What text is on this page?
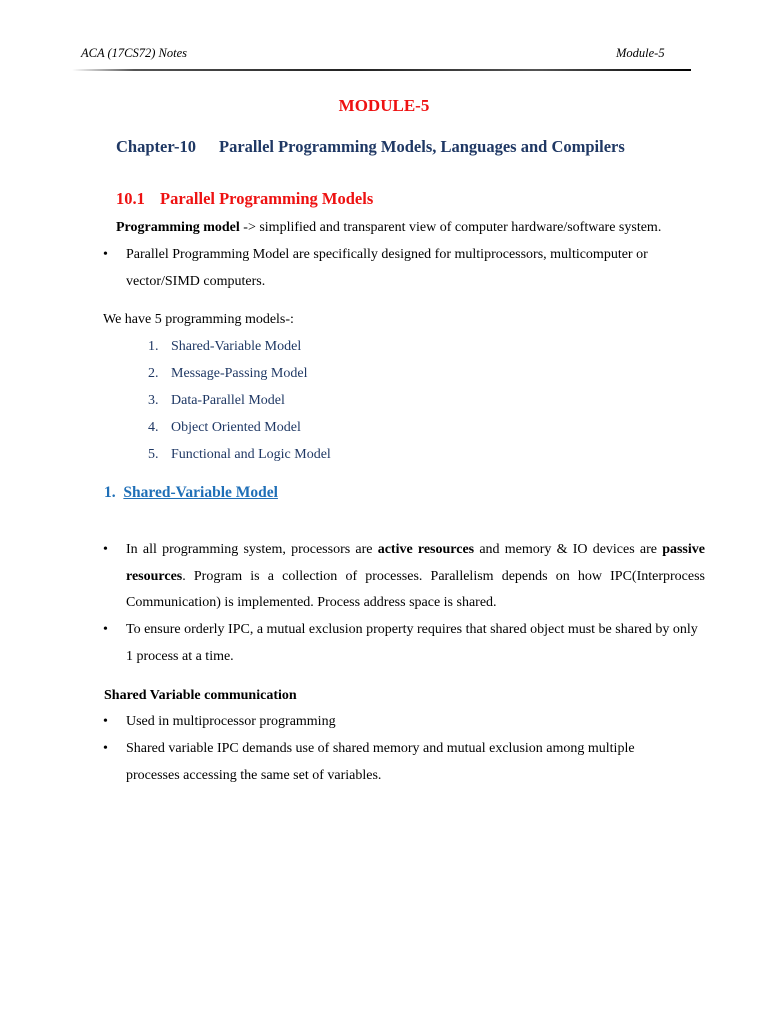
ACA (17CS72) Notes	Module-5
MODULE-5
Chapter-10 Parallel Programming Models, Languages and Compilers
10.1 Parallel Programming Models
Programming model -> simplified and transparent view of computer hardware/software system.
• Parallel Programming Model are specifically designed for multiprocessors, multicomputer or
vector/SIMD computers.
We have 5 programming models-:
1. Shared-Variable Model
2. Message-Passing Model
3. Data-Parallel Model
4. Object Oriented Model
5. Functional and Logic Model
1. Shared-Variable Model
• In all programming system, processors are active resources and memory & IO devices are passive resources. Program is a collection of processes. Parallelism depends on how IPC(Interprocess Communication) is implemented. Process address space is shared.
• To ensure orderly IPC, a mutual exclusion property requires that shared object must be shared by only 1 process at a time.
Shared Variable communication
• Used in multiprocessor programming
• Shared variable IPC demands use of shared memory and mutual exclusion among multiple
processes accessing the same set of variables.
